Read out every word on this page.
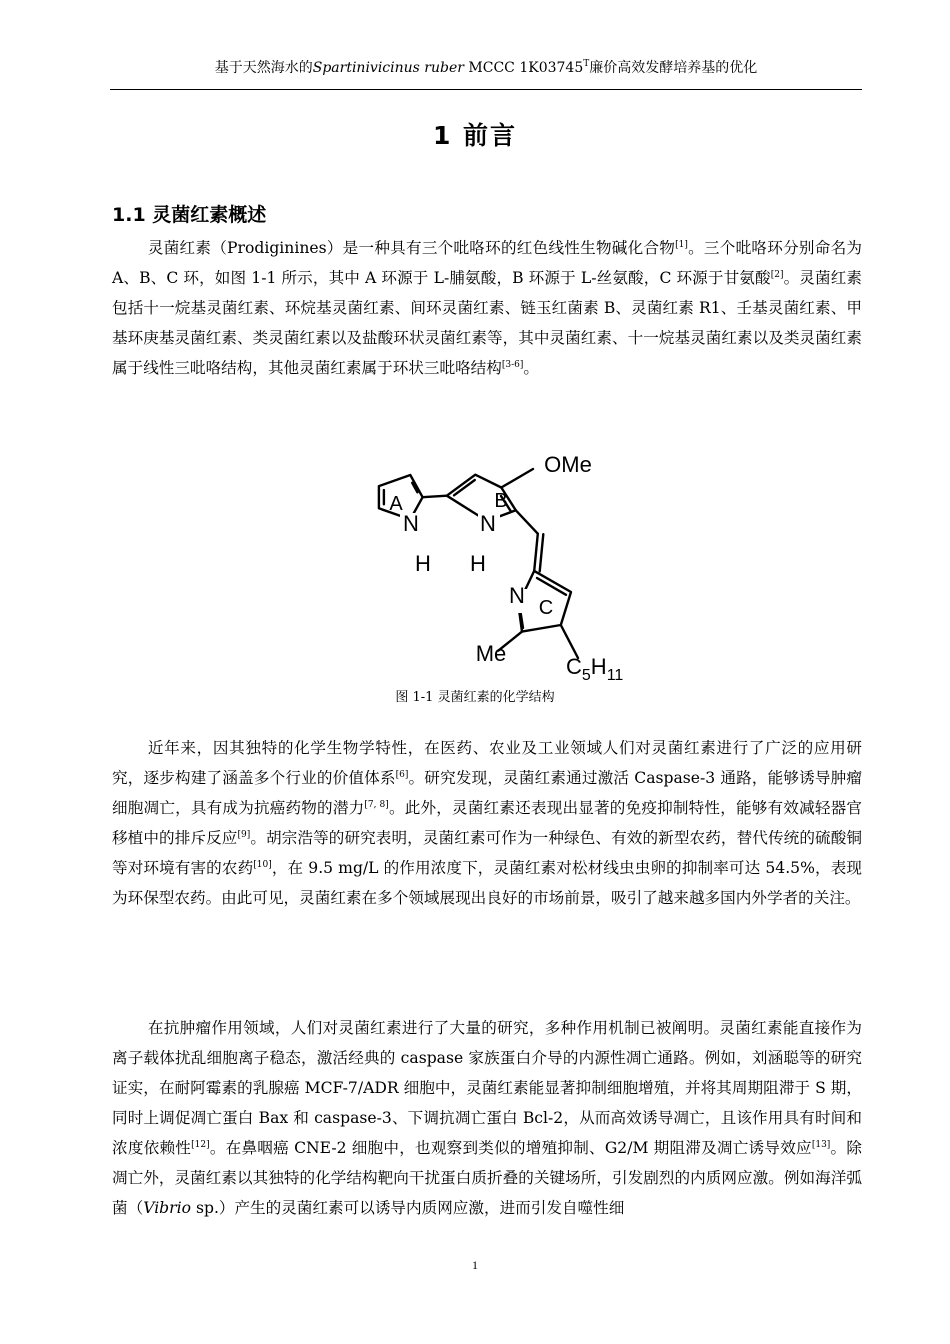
基于天然海水的Spartinivicinus ruber MCCC $1K03745^T$廉价高效发酵培养基的优化
1 前言
1.1 灵菌红素概述

灵菌红素（Prodiginines）是一种具有三个吡咯环的红色线性生物碱化合物[1]。三个吡咯环分别命名为 A、B、C 环，如图 1-1 所示，其中 A 环源于 L-脯氨酸，B 环源于 L-丝氨酸，C 环源于甘氨酸[2]。灵菌红素包括十一烷基灵菌红素、环烷基灵菌红素、间环灵菌红素、链玉红菌素 B、灵菌红素 R1、壬基灵菌红素、甲基环庚基灵菌红素、类灵菌红素以及盐酸环状灵菌红素等，其中灵菌红素、十一烷基灵菌红素以及类灵菌红素属于线性三吡咯结构，其他灵菌红素属于环状三吡咯结构[3-6]。

A	B
C
N	N
N
H H
OMe
Me
$C_5H_{11}$
图 1-1 灵菌红素的化学结构

近年来，因其独特的化学生物学特性，在医药、农业及工业领域人们对灵菌红素进行了广泛的应用研究，逐步构建了涵盖多个行业的价值体系[6]。研究发现，灵菌红素通过激活 Caspase-3 通路，能够诱导肿瘤细胞凋亡，具有成为抗癌药物的潜力[7, 8]。此外，灵菌红素还表现出显著的免疫抑制特性，能够有效减轻器官移植中的排斥反应[9]。胡宗浩等的研究表明，灵菌红素可作为一种绿色、有效的新型农药，替代传统的硫酸铜等对环境有害的农药[10]，在 9.5 mg/L 的作用浓度下，灵菌红素对松材线虫虫卵的抑制率可达 54.5%，表现为环保型农药。由此可见，灵菌红素在多个领域展现出良好的市场前景，吸引了越来越多国内外学者的关注。

在抗肿瘤作用领域，人们对灵菌红素进行了大量的研究，多种作用机制已被阐明。灵菌红素能直接作为离子载体扰乱细胞离子稳态，激活经典的 caspase 家族蛋白介导的内源性凋亡通路。例如，刘涵聪等的研究证实，在耐阿霉素的乳腺癌 MCF-7/ADR 细胞中，灵菌红素能显著抑制细胞增殖，并将其周期阻滞于 S 期，同时上调促凋亡蛋白 Bax 和 caspase-3、下调抗凋亡蛋白 Bcl-2，从而高效诱导凋亡，且该作用具有时间和浓度依赖性[12]。在鼻咽癌 CNE-2 细胞中，也观察到类似的增殖抑制、G2/M 期阻滞及凋亡诱导效应[13]。除凋亡外，灵菌红素以其独特的化学结构靶向干扰蛋白质折叠的关键场所，引发剧烈的内质网应激。例如海洋弧菌（Vibrio sp.）产生的灵菌红素可以诱导内质网应激，进而引发自噬性细

1
